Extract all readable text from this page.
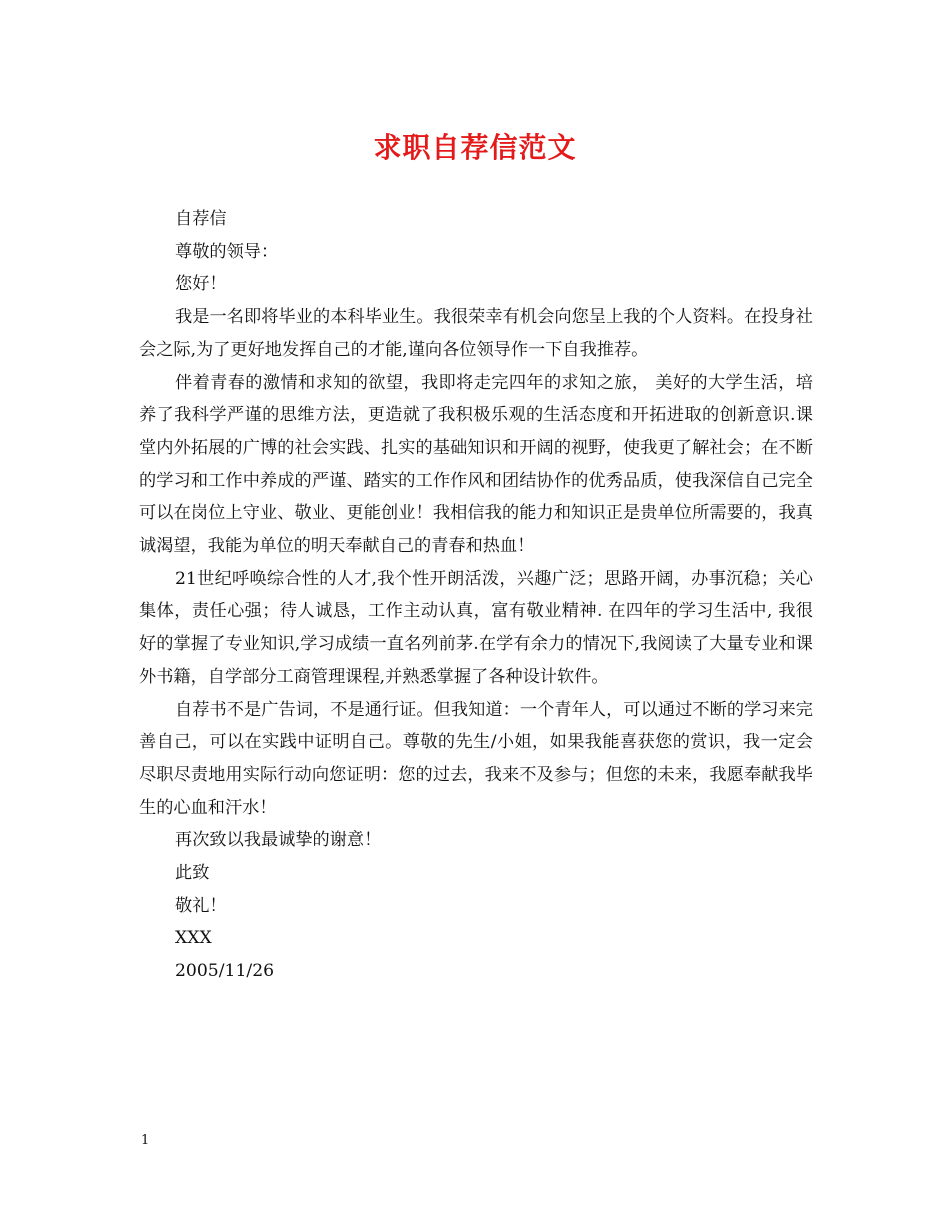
求职自荐信范文

自荐信

尊敬的领导：

您好！

我是一名即将毕业的本科毕业生。我很荣幸有机会向您呈上我的个人资料。在投身社会之际,为了更好地发挥自己的才能,谨向各位领导作一下自我推荐。

伴着青春的激情和求知的欲望，我即将走完四年的求知之旅， 美好的大学生活，培养了我科学严谨的思维方法，更造就了我积极乐观的生活态度和开拓进取的创新意识.课堂内外拓展的广博的社会实践、扎实的基础知识和开阔的视野，使我更了解社会；在不断的学习和工作中养成的严谨、踏实的工作作风和团结协作的优秀品质，使我深信自己完全可以在岗位上守业、敬业、更能创业！我相信我的能力和知识正是贵单位所需要的，我真诚渴望，我能为单位的明天奉献自己的青春和热血！

21世纪呼唤综合性的人才,我个性开朗活泼，兴趣广泛；思路开阔，办事沉稳；关心集体，责任心强；待人诚恳，工作主动认真，富有敬业精神. 在四年的学习生活中, 我很好的掌握了专业知识,学习成绩一直名列前茅.在学有余力的情况下,我阅读了大量专业和课外书籍，自学部分工商管理课程,并熟悉掌握了各种设计软件。

自荐书不是广告词，不是通行证。但我知道：一个青年人，可以通过不断的学习来完善自己，可以在实践中证明自己。尊敬的先生/小姐，如果我能喜获您的赏识，我一定会尽职尽责地用实际行动向您证明：您的过去，我来不及参与；但您的未来，我愿奉献我毕生的心血和汗水！

再次致以我最诚挚的谢意！

此致

敬礼！

XXX

2005/11/26

1
